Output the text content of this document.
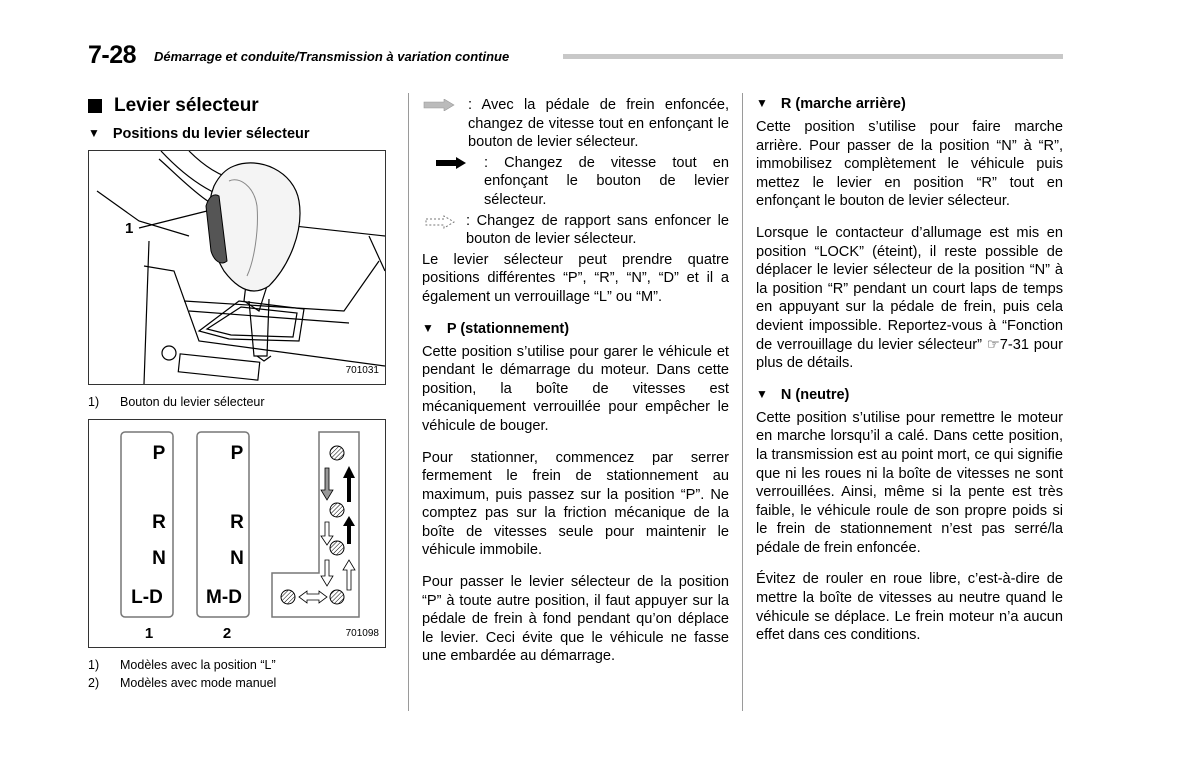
7-28 Démarrage et conduite/Transmission à variation continue
Levier sélecteur
▼ Positions du levier sélecteur
1
701031
1)	Bouton du levier sélecteur
P
R
N
L-D
P
R
N
M-D
1	2	701098
1)	Modèles avec la position “L”
2)	Modèles avec mode manuel
: Avec la pédale de frein enfoncée, changez de vitesse tout en enfonçant le bouton de levier sélecteur.
: Changez de vitesse tout en enfonçant le bouton de levier sélecteur.
: Changez de rapport sans enfoncer le bouton de levier sélecteur.

Le levier sélecteur peut prendre quatre positions différentes “P”, “R”, “N”, “D” et il a également un verrouillage “L” ou “M”.

▼ P (stationnement)

Cette position s’utilise pour garer le véhicule et pendant le démarrage du moteur. Dans cette position, la boîte de vitesses est mécaniquement verrouillée pour empêcher le véhicule de bouger.

Pour stationner, commencez par serrer fermement le frein de stationnement au maximum, puis passez sur la position “P”. Ne comptez pas sur la friction mécanique de la boîte de vitesses seule pour maintenir le véhicule immobile.

Pour passer le levier sélecteur de la position “P” à toute autre position, il faut appuyer sur la pédale de frein à fond pendant qu’on déplace le levier. Ceci évite que le véhicule ne fasse une embardée au démarrage.

▼ R (marche arrière)

Cette position s’utilise pour faire marche arrière. Pour passer de la position “N” à “R”, immobilisez complètement le véhicule puis mettez le levier en position “R” tout en enfonçant le bouton de levier sélecteur.

Lorsque le contacteur d’allumage est mis en position “LOCK” (éteint), il reste possible de déplacer le levier sélecteur de la position “N” à la position “R” pendant un court laps de temps en appuyant sur la pédale de frein, puis cela devient impossible. Reportez-vous à “Fonction de verrouillage du levier sélecteur” ☞7-31 pour plus de détails.

▼ N (neutre)

Cette position s’utilise pour remettre le moteur en marche lorsqu’il a calé. Dans cette position, la transmission est au point mort, ce qui signifie que ni les roues ni la boîte de vitesses ne sont verrouillées. Ainsi, même si la pente est très faible, le véhicule roule de son propre poids si le frein de stationnement n’est pas serré/la pédale de frein enfoncée.

Évitez de rouler en roue libre, c’est-à-dire de mettre la boîte de vitesses au neutre quand le véhicule se déplace. Le frein moteur n’a aucun effet dans ces conditions.
